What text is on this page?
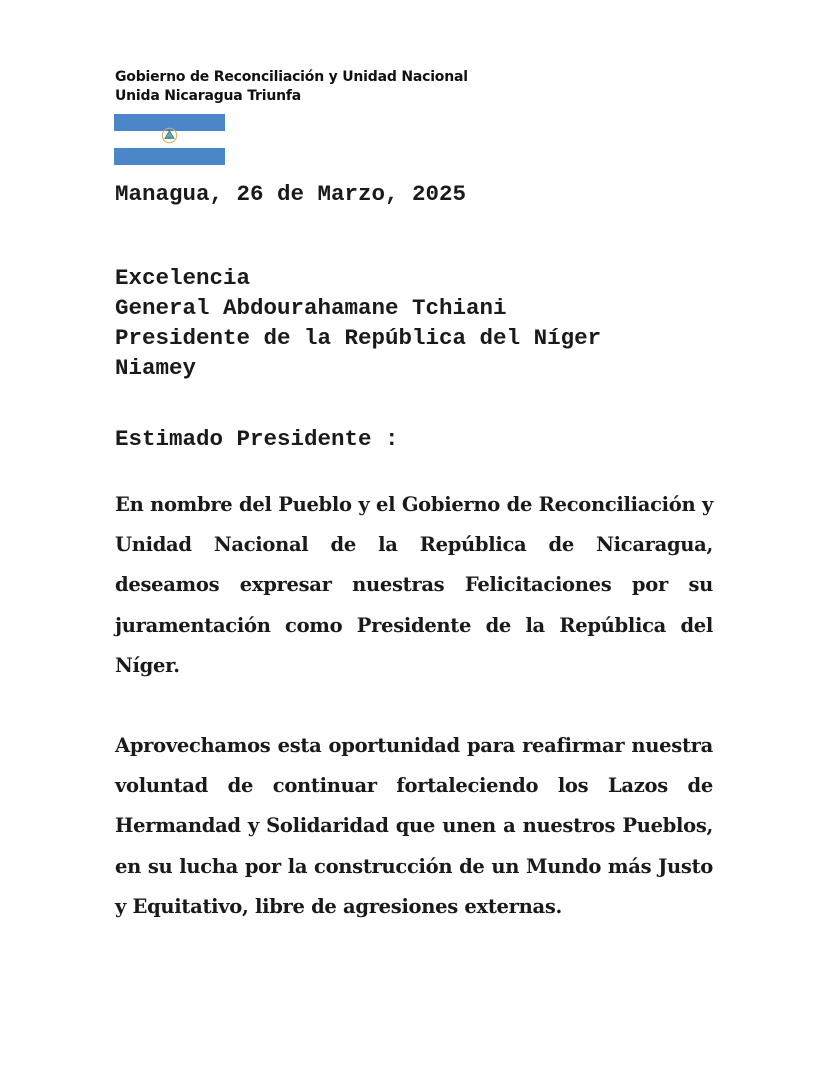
Gobierno de Reconciliación y Unidad Nacional
Unida Nicaragua Triunfa
Managua, 26 de Marzo, 2025
Excelencia
General Abdourahamane Tchiani
Presidente de la República del Níger
Niamey
Estimado Presidente :
En nombre del Pueblo y el Gobierno de Reconciliación y Unidad Nacional de la República de Nicaragua, deseamos expresar nuestras Felicitaciones por su juramentación como Presidente de la República del Níger.
Aprovechamos esta oportunidad para reafirmar nuestra voluntad de continuar fortaleciendo los Lazos de Hermandad y Solidaridad que unen a nuestros Pueblos, en su lucha por la construcción de un Mundo más Justo y Equitativo, libre de agresiones externas.
